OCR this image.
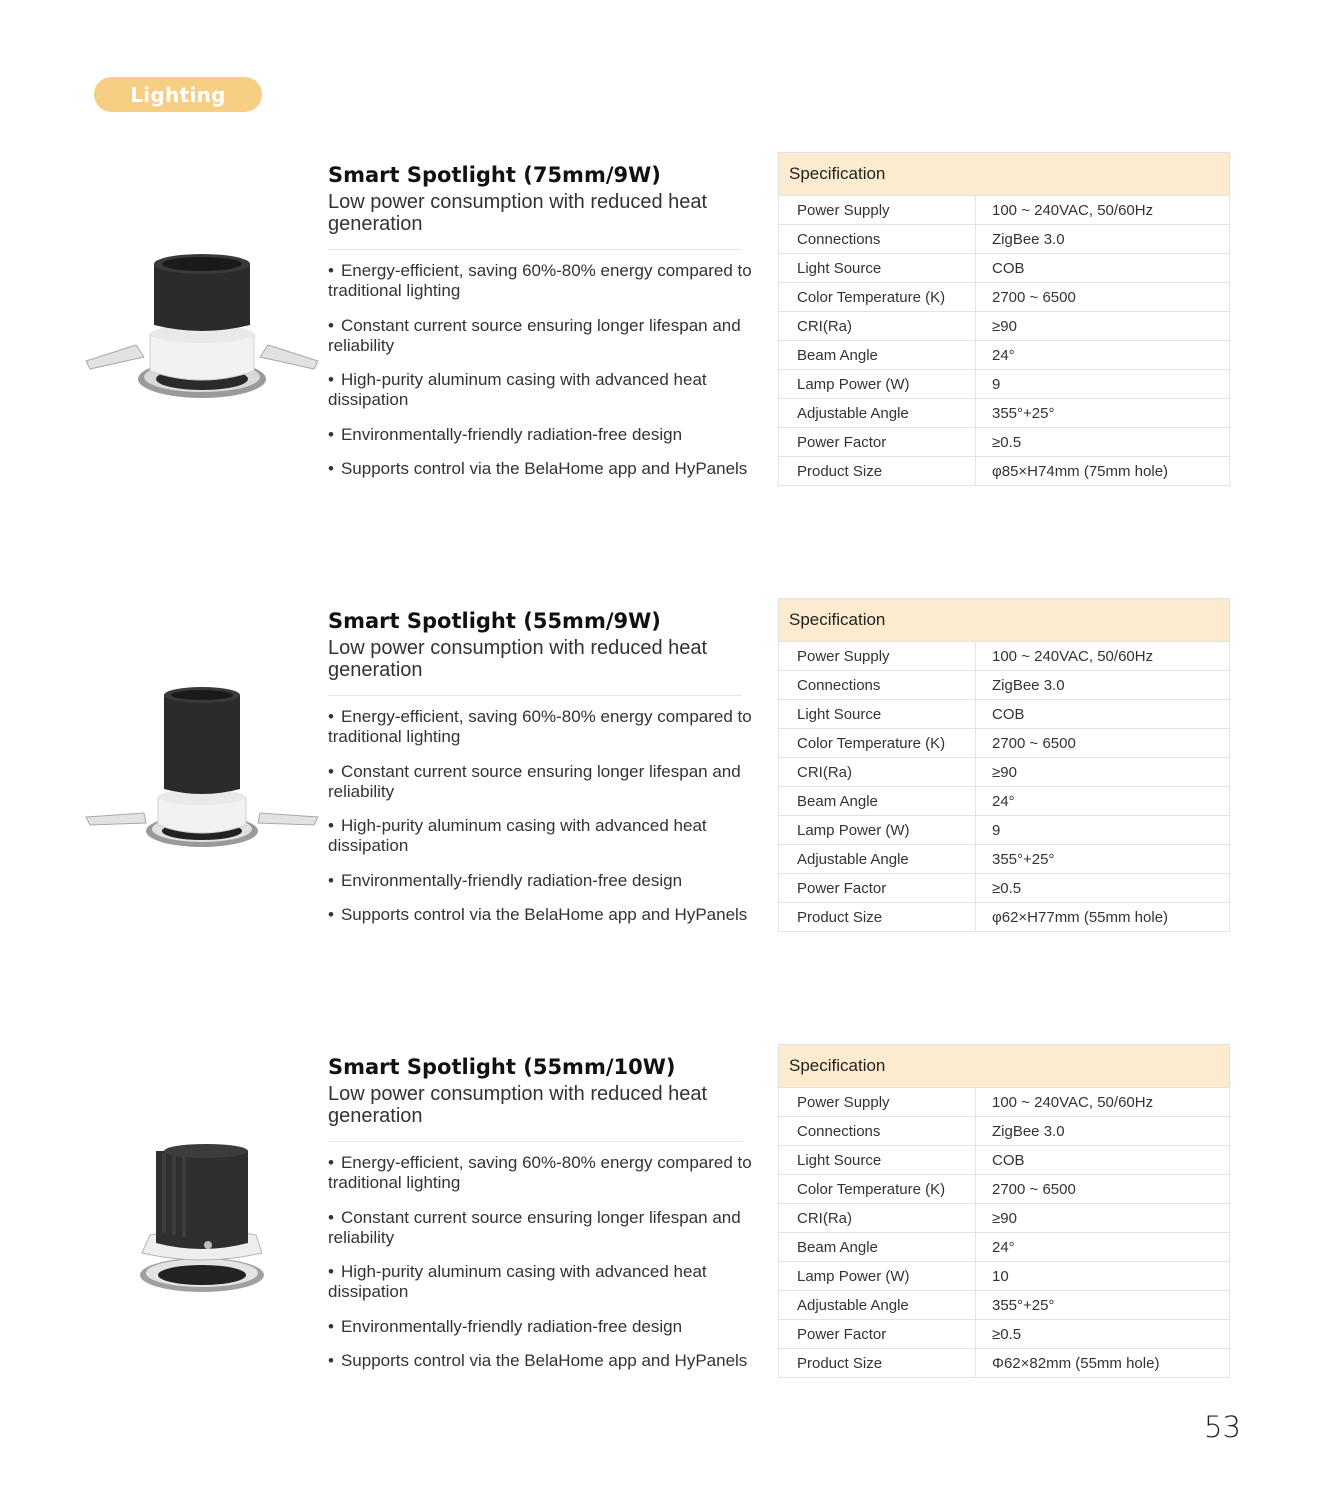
Lighting
Smart Spotlight (75mm/9W)
Low power consumption with reduced heat generation
• Energy-efficient, saving 60%-80% energy compared to traditional lighting
• Constant current source ensuring longer lifespan and reliability
• High-purity aluminum casing with advanced heat dissipation
• Environmentally-friendly radiation-free design
• Supports control via the BelaHome app and HyPanels
Specification
Power Supply	100 ~ 240VAC, 50/60Hz
Connections	ZigBee 3.0
Light Source	COB
Color Temperature (K)	2700 ~ 6500
CRI(Ra)	≥90
Beam Angle	24°
Lamp Power (W)	9
Adjustable Angle	355°+25°
Power Factor	≥0.5
Product Size	φ85×H74mm (75mm hole)
Smart Spotlight (55mm/9W)
Low power consumption with reduced heat generation
• Energy-efficient, saving 60%-80% energy compared to traditional lighting
• Constant current source ensuring longer lifespan and reliability
• High-purity aluminum casing with advanced heat dissipation
• Environmentally-friendly radiation-free design
• Supports control via the BelaHome app and HyPanels
Specification
Power Supply	100 ~ 240VAC, 50/60Hz
Connections	ZigBee 3.0
Light Source	COB
Color Temperature (K)	2700 ~ 6500
CRI(Ra)	≥90
Beam Angle	24°
Lamp Power (W)	9
Adjustable Angle	355°+25°
Power Factor	≥0.5
Product Size	φ62×H77mm (55mm hole)
Smart Spotlight (55mm/10W)
Low power consumption with reduced heat generation
• Energy-efficient, saving 60%-80% energy compared to traditional lighting
• Constant current source ensuring longer lifespan and reliability
• High-purity aluminum casing with advanced heat dissipation
• Environmentally-friendly radiation-free design
• Supports control via the BelaHome app and HyPanels
Specification
Power Supply	100 ~ 240VAC, 50/60Hz
Connections	ZigBee 3.0
Light Source	COB
Color Temperature (K)	2700 ~ 6500
CRI(Ra)	≥90
Beam Angle	24°
Lamp Power (W)	10
Adjustable Angle	355°+25°
Power Factor	≥0.5
Product Size	Φ62×82mm (55mm hole)
53
